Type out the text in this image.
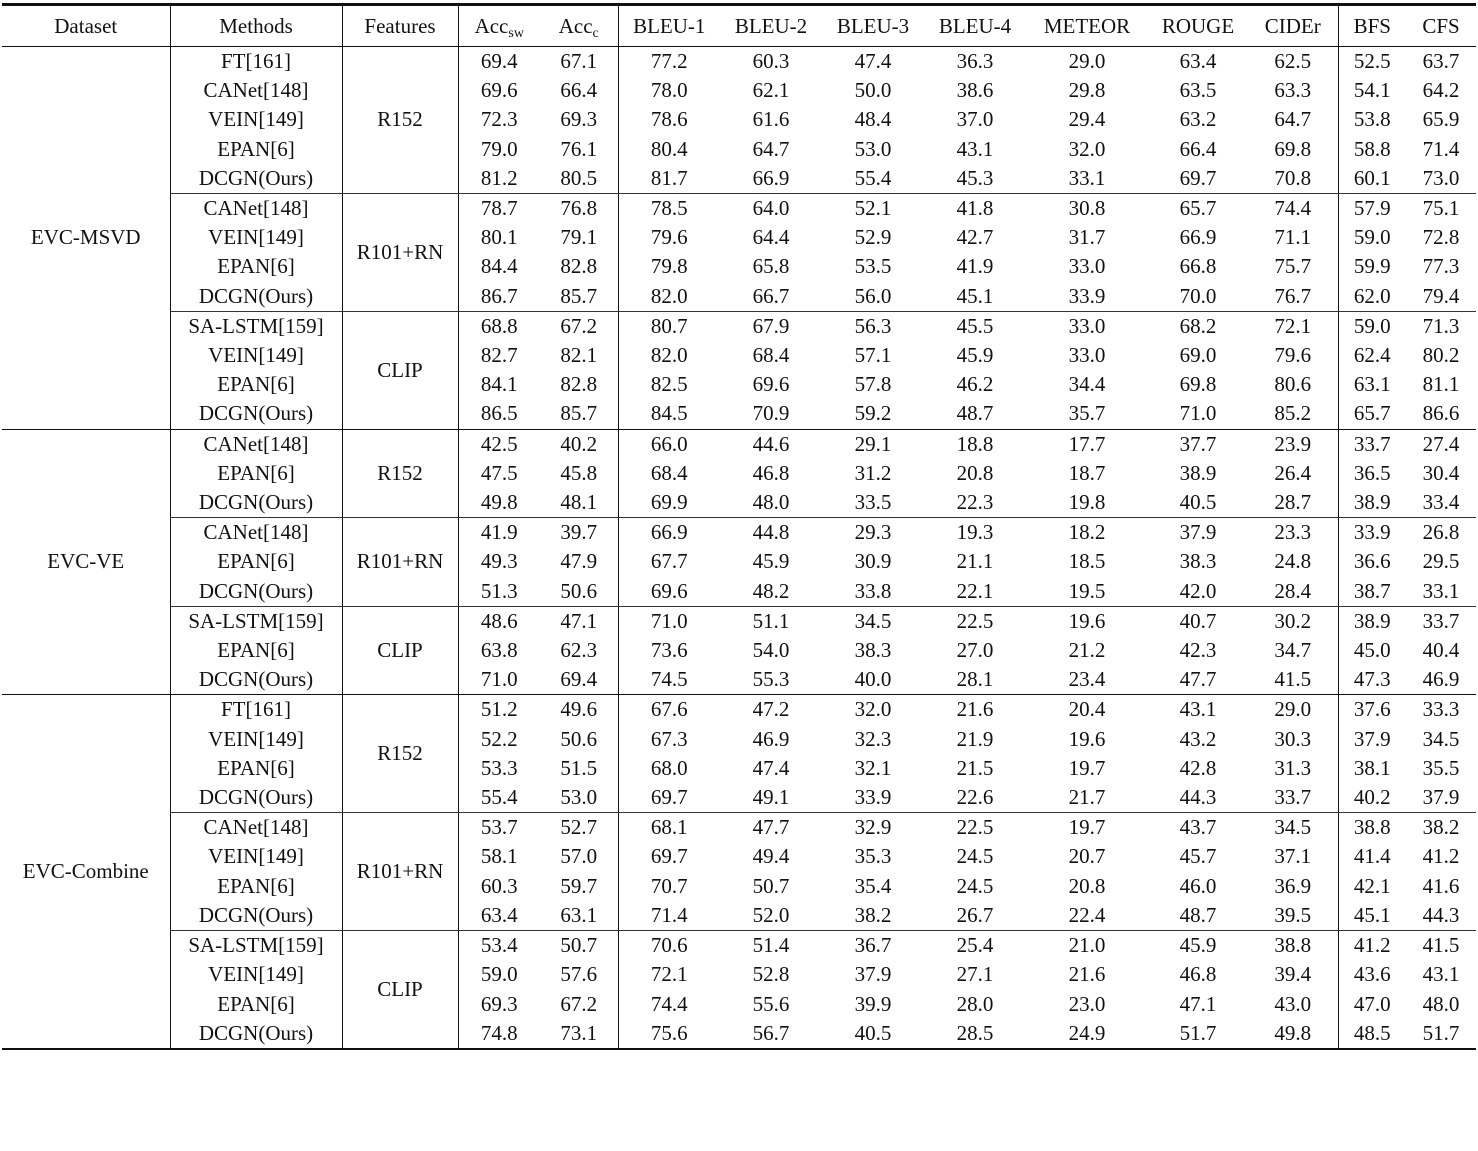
Dataset	Methods	Features	Acc$_{sw}$	Acc$_c$	BLEU-1	BLEU-2	BLEU-3	BLEU-4	METEOR	ROUGE	CIDEr	BFS	CFS
EVC-MSVD	FT[161]	R152	69.4	67.1	77.2	60.3	47.4	36.3	29.0	63.4	62.5	52.5	63.7
	CANet[148]		69.6	66.4	78.0	62.1	50.0	38.6	29.8	63.5	63.3	54.1	64.2
	VEIN[149]		72.3	69.3	78.6	61.6	48.4	37.0	29.4	63.2	64.7	53.8	65.9
	EPAN[6]		79.0	76.1	80.4	64.7	53.0	43.1	32.0	66.4	69.8	58.8	71.4
	DCGN(Ours)		81.2	80.5	81.7	66.9	55.4	45.3	33.1	69.7	70.8	60.1	73.0
	CANet[148]	R101+RN	78.7	76.8	78.5	64.0	52.1	41.8	30.8	65.7	74.4	57.9	75.1
	VEIN[149]		80.1	79.1	79.6	64.4	52.9	42.7	31.7	66.9	71.1	59.0	72.8
	EPAN[6]		84.4	82.8	79.8	65.8	53.5	41.9	33.0	66.8	75.7	59.9	77.3
	DCGN(Ours)		86.7	85.7	82.0	66.7	56.0	45.1	33.9	70.0	76.7	62.0	79.4
	SA-LSTM[159]	CLIP	68.8	67.2	80.7	67.9	56.3	45.5	33.0	68.2	72.1	59.0	71.3
	VEIN[149]		82.7	82.1	82.0	68.4	57.1	45.9	33.0	69.0	79.6	62.4	80.2
	EPAN[6]		84.1	82.8	82.5	69.6	57.8	46.2	34.4	69.8	80.6	63.1	81.1
	DCGN(Ours)		86.5	85.7	84.5	70.9	59.2	48.7	35.7	71.0	85.2	65.7	86.6
EVC-VE	CANet[148]	R152	42.5	40.2	66.0	44.6	29.1	18.8	17.7	37.7	23.9	33.7	27.4
	EPAN[6]		47.5	45.8	68.4	46.8	31.2	20.8	18.7	38.9	26.4	36.5	30.4
	DCGN(Ours)		49.8	48.1	69.9	48.0	33.5	22.3	19.8	40.5	28.7	38.9	33.4
	CANet[148]	R101+RN	41.9	39.7	66.9	44.8	29.3	19.3	18.2	37.9	23.3	33.9	26.8
	EPAN[6]		49.3	47.9	67.7	45.9	30.9	21.1	18.5	38.3	24.8	36.6	29.5
	DCGN(Ours)		51.3	50.6	69.6	48.2	33.8	22.1	19.5	42.0	28.4	38.7	33.1
	SA-LSTM[159]	CLIP	48.6	47.1	71.0	51.1	34.5	22.5	19.6	40.7	30.2	38.9	33.7
	EPAN[6]		63.8	62.3	73.6	54.0	38.3	27.0	21.2	42.3	34.7	45.0	40.4
	DCGN(Ours)		71.0	69.4	74.5	55.3	40.0	28.1	23.4	47.7	41.5	47.3	46.9
EVC-Combine	FT[161]	R152	51.2	49.6	67.6	47.2	32.0	21.6	20.4	43.1	29.0	37.6	33.3
	VEIN[149]		52.2	50.6	67.3	46.9	32.3	21.9	19.6	43.2	30.3	37.9	34.5
	EPAN[6]		53.3	51.5	68.0	47.4	32.1	21.5	19.7	42.8	31.3	38.1	35.5
	DCGN(Ours)		55.4	53.0	69.7	49.1	33.9	22.6	21.7	44.3	33.7	40.2	37.9
	CANet[148]	R101+RN	53.7	52.7	68.1	47.7	32.9	22.5	19.7	43.7	34.5	38.8	38.2
	VEIN[149]		58.1	57.0	69.7	49.4	35.3	24.5	20.7	45.7	37.1	41.4	41.2
	EPAN[6]		60.3	59.7	70.7	50.7	35.4	24.5	20.8	46.0	36.9	42.1	41.6
	DCGN(Ours)		63.4	63.1	71.4	52.0	38.2	26.7	22.4	48.7	39.5	45.1	44.3
	SA-LSTM[159]	CLIP	53.4	50.7	70.6	51.4	36.7	25.4	21.0	45.9	38.8	41.2	41.5
	VEIN[149]		59.0	57.6	72.1	52.8	37.9	27.1	21.6	46.8	39.4	43.6	43.1
	EPAN[6]		69.3	67.2	74.4	55.6	39.9	28.0	23.0	47.1	43.0	47.0	48.0
	DCGN(Ours)		74.8	73.1	75.6	56.7	40.5	28.5	24.9	51.7	49.8	48.5	51.7
